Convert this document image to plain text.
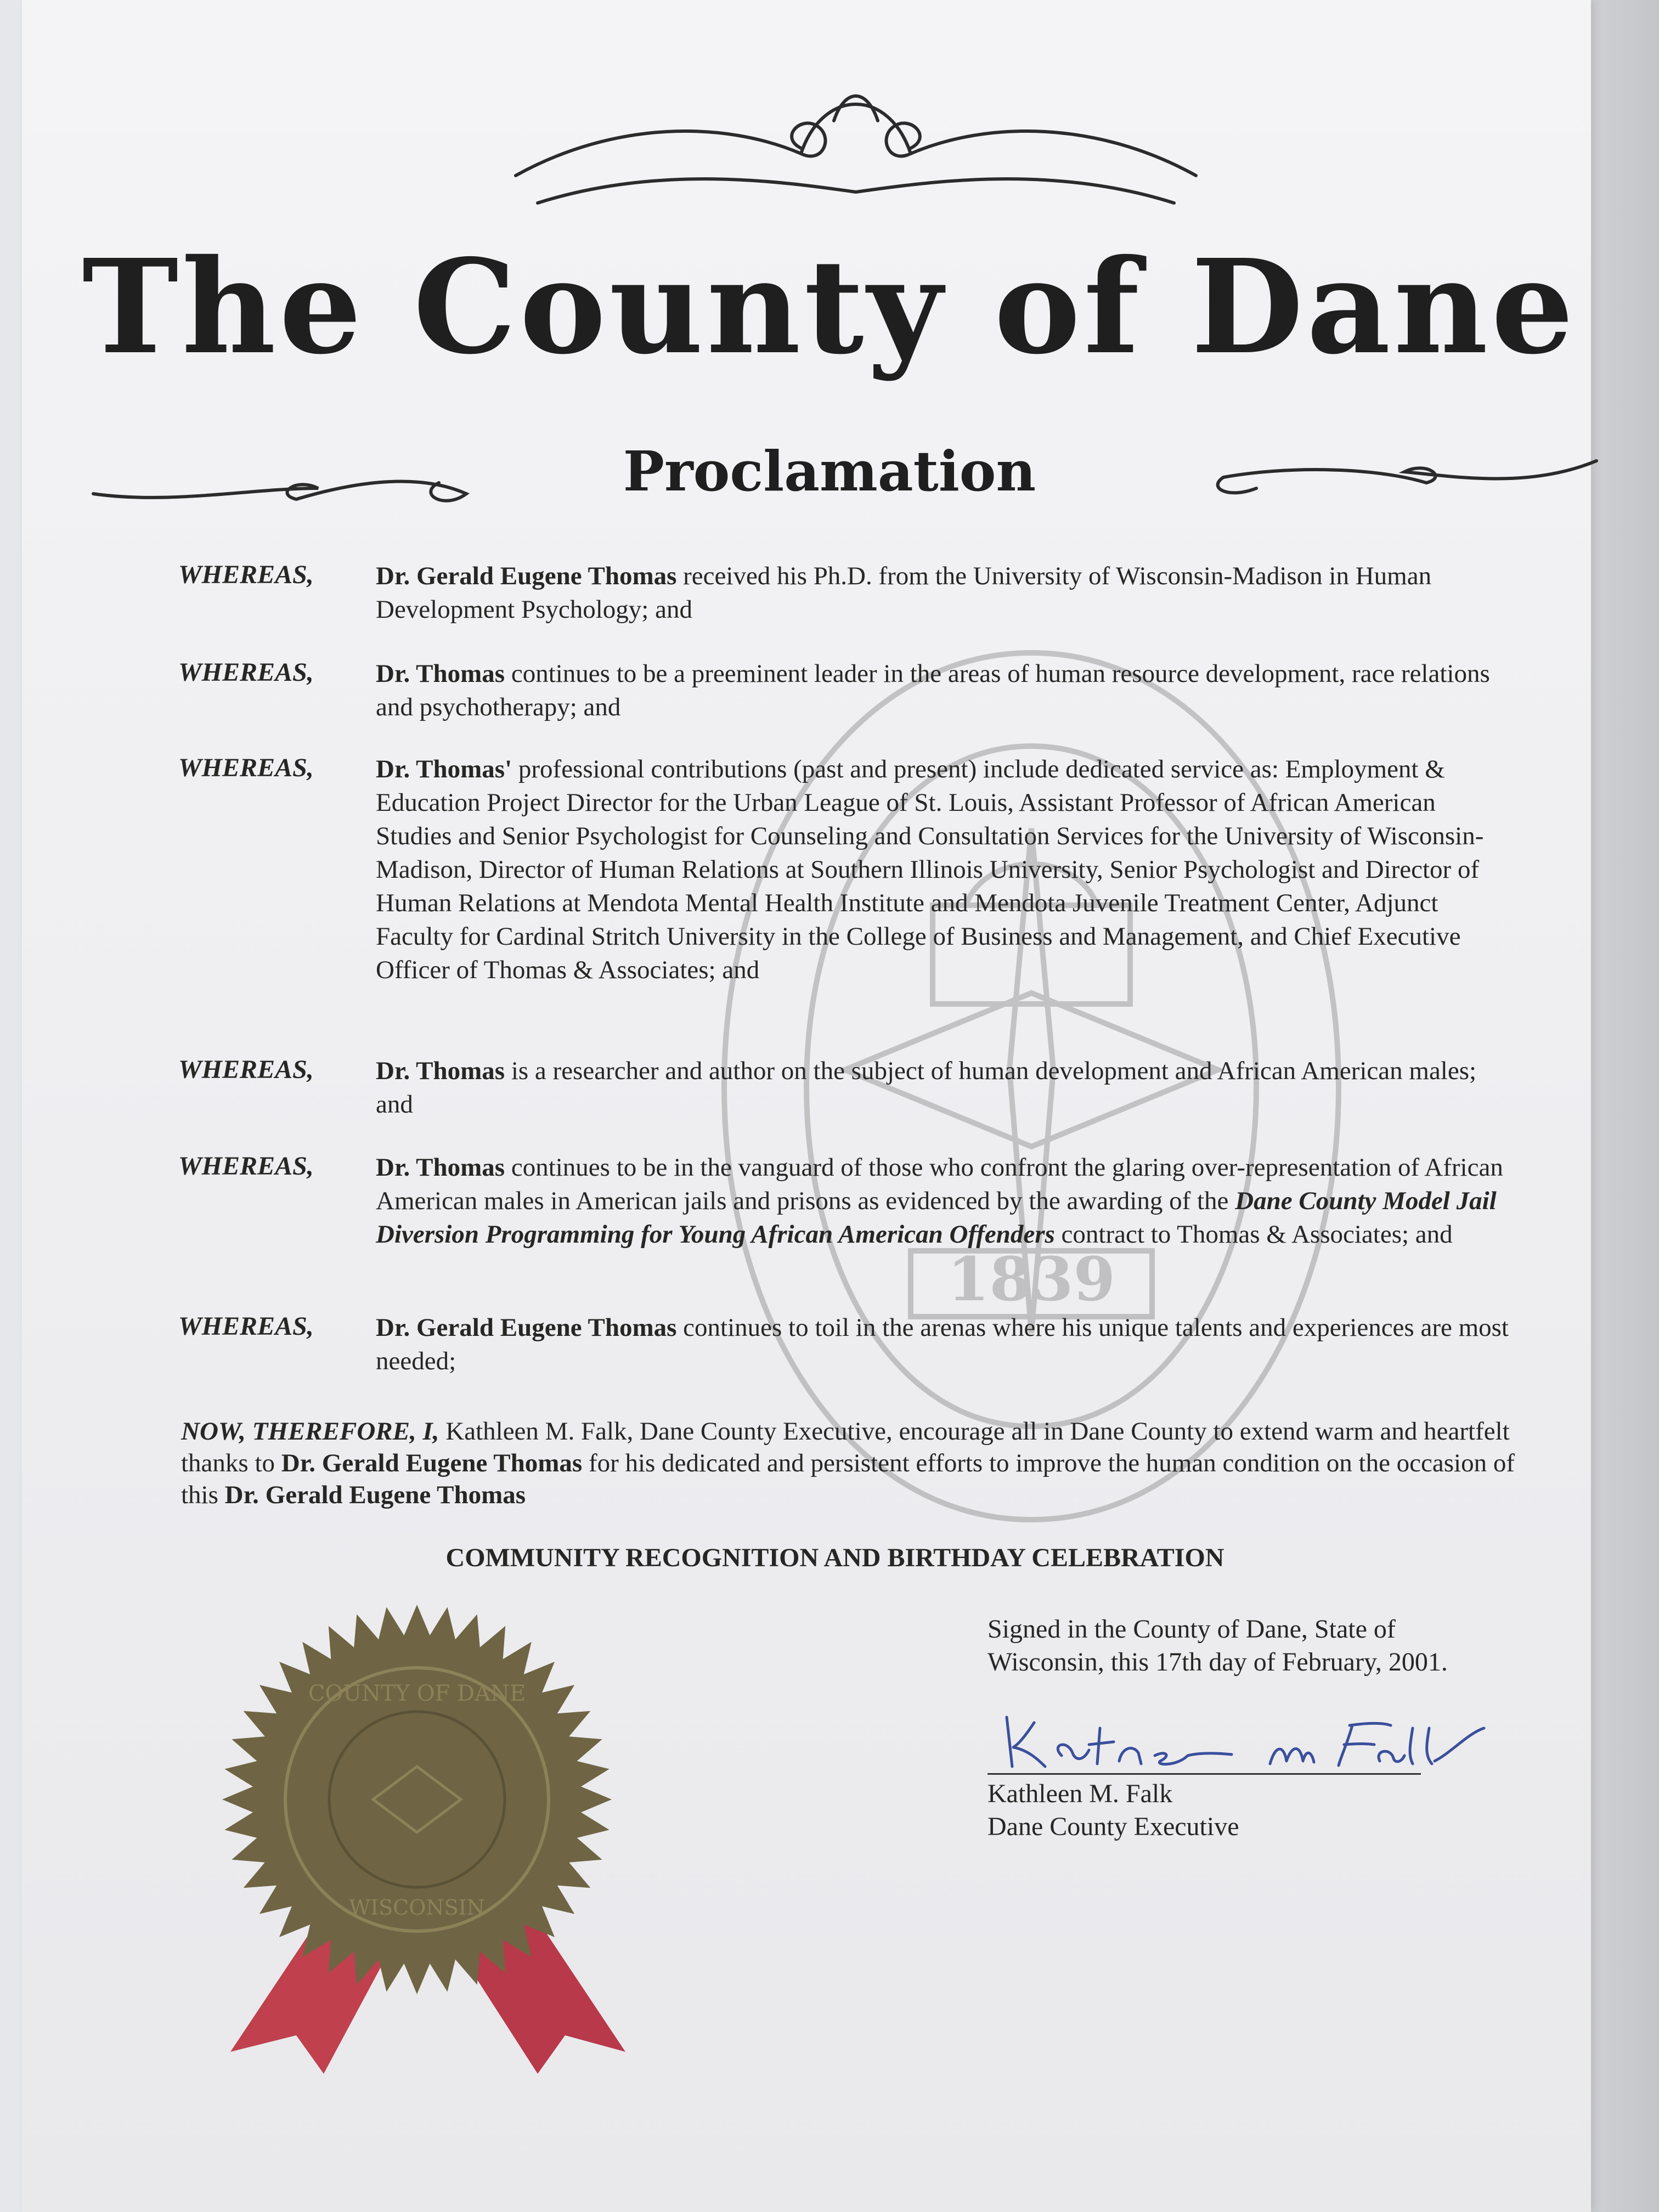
1839
The County of Dane
Proclamation
WHEREAS, Dr. Gerald Eugene Thomas received his Ph.D. from the University of Wisconsin-Madison in Human Development Psychology; and
WHEREAS, Dr. Thomas continues to be a preeminent leader in the areas of human resource development, race relations and psychotherapy; and
WHEREAS, Dr. Thomas' professional contributions (past and present) include dedicated service as: Employment & Education Project Director for the Urban League of St. Louis, Assistant Professor of African American Studies and Senior Psychologist for Counseling and Consultation Services for the University of Wisconsin-Madison, Director of Human Relations at Southern Illinois University, Senior Psychologist and Director of Human Relations at Mendota Mental Health Institute and Mendota Juvenile Treatment Center, Adjunct Faculty for Cardinal Stritch University in the College of Business and Management, and Chief Executive Officer of Thomas & Associates; and
WHEREAS, Dr. Thomas is a researcher and author on the subject of human development and African American males; and
WHEREAS, Dr. Thomas continues to be in the vanguard of those who confront the glaring over-representation of African American males in American jails and prisons as evidenced by the awarding of the Dane County Model Jail Diversion Programming for Young African American Offenders contract to Thomas & Associates; and
WHEREAS, Dr. Gerald Eugene Thomas continues to toil in the arenas where his unique talents and experiences are most needed;
NOW, THEREFORE, I, Kathleen M. Falk, Dane County Executive, encourage all in Dane County to extend warm and heartfelt thanks to Dr. Gerald Eugene Thomas for his dedicated and persistent efforts to improve the human condition on the occasion of this Dr. Gerald Eugene Thomas
COMMUNITY RECOGNITION AND BIRTHDAY CELEBRATION
Signed in the County of Dane, State of
Wisconsin, this 17th day of February, 2001.
Kathleen M. Falk
Dane County Executive
COUNTY OF DANE
WISCONSIN
